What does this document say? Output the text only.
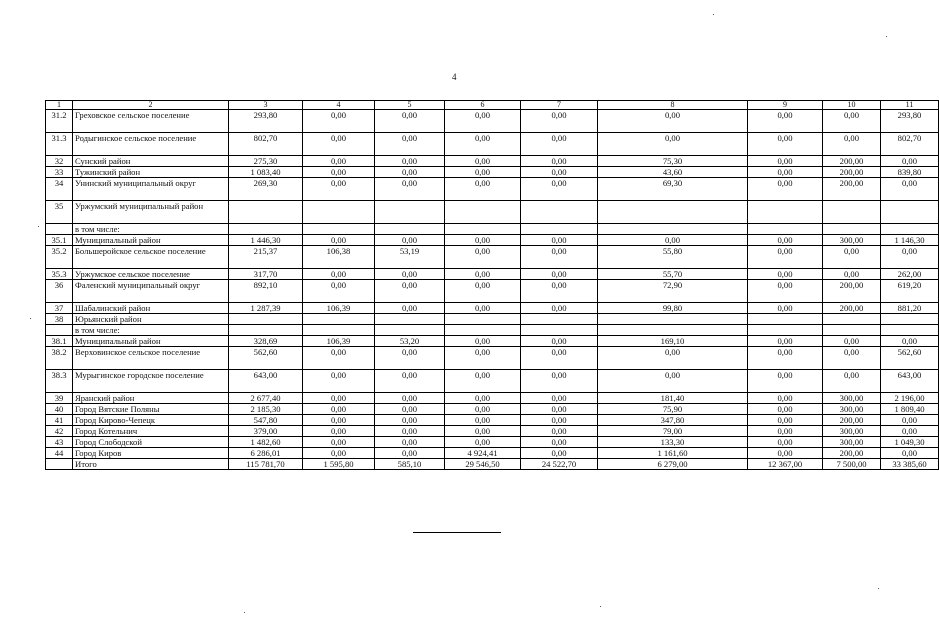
4
1	2	3	4	5	6	7	8	9	10	11
31.2	Греховское сельское поселение	293,80	0,00	0,00	0,00	0,00	0,00	0,00	0,00	293,80
31.3	Родыгинское сельское поселение	802,70	0,00	0,00	0,00	0,00	0,00	0,00	0,00	802,70
32	Сунский район	275,30	0,00	0,00	0,00	0,00	75,30	0,00	200,00	0,00
33	Тужинский район	1 083,40	0,00	0,00	0,00	0,00	43,60	0,00	200,00	839,80
34	Унинский муниципальный округ	269,30	0,00	0,00	0,00	0,00	69,30	0,00	200,00	0,00
35	Уржумский муниципальный район									
	в том числе:									
35.1	Муниципальный район	1 446,30	0,00	0,00	0,00	0,00	0,00	0,00	300,00	1 146,30
35.2	Большеройское сельское поселение	215,37	106,38	53,19	0,00	0,00	55,80	0,00	0,00	0,00
35.3	Уржумское сельское поселение	317,70	0,00	0,00	0,00	0,00	55,70	0,00	0,00	262,00
36	Фаленский муниципальный округ	892,10	0,00	0,00	0,00	0,00	72,90	0,00	200,00	619,20
37	Шабалинский район	1 287,39	106,39	0,00	0,00	0,00	99,80	0,00	200,00	881,20
38	Юрьянский район									
	в том числе:									
38.1	Муниципальный район	328,69	106,39	53,20	0,00	0,00	169,10	0,00	0,00	0,00
38.2	Верховинское сельское поселение	562,60	0,00	0,00	0,00	0,00	0,00	0,00	0,00	562,60
38.3	Мурыгинское городское поселение	643,00	0,00	0,00	0,00	0,00	0,00	0,00	0,00	643,00
39	Яранский район	2 677,40	0,00	0,00	0,00	0,00	181,40	0,00	300,00	2 196,00
40	Город Вятские Поляны	2 185,30	0,00	0,00	0,00	0,00	75,90	0,00	300,00	1 809,40
41	Город Кирово-Чепецк	547,80	0,00	0,00	0,00	0,00	347,80	0,00	200,00	0,00
42	Город Котельнич	379,00	0,00	0,00	0,00	0,00	79,00	0,00	300,00	0,00
43	Город Слободской	1 482,60	0,00	0,00	0,00	0,00	133,30	0,00	300,00	1 049,30
44	Город Киров	6 286,01	0,00	0,00	4 924,41	0,00	1 161,60	0,00	200,00	0,00
	Итого	115 781,70	1 595,80	585,10	29 546,50	24 522,70	6 279,00	12 367,00	7 500,00	33 385,60
